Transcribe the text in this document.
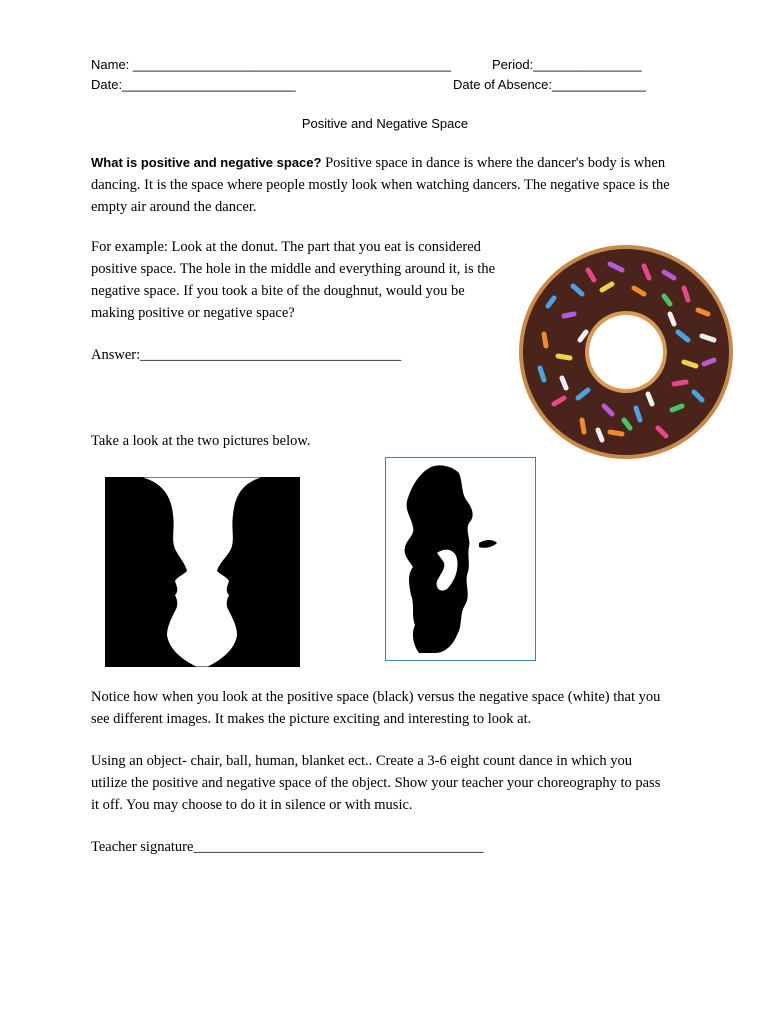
Name: ____________________________________________	Period:_______________
Date:________________________	Date of Absence:_____________
Positive and Negative Space
What is positive and negative space? Positive space in dance is where the dancer's body is when dancing. It is the space where people mostly look when watching dancers. The negative space is the empty air around the dancer.
For example: Look at the donut. The part that you eat is considered positive space. The hole in the middle and everything around it, is the negative space. If you took a bite of the doughnut, would you be making positive or negative space?
Answer:____________________________________
Take a look at the two pictures below.
Notice how when you look at the positive space (black) versus the negative space (white) that you see different images. It makes the picture exciting and interesting to look at.
Using an object- chair, ball, human, blanket ect.. Create a 3-6 eight count dance in which you utilize the positive and negative space of the object. Show your teacher your choreography to pass it off. You may choose to do it in silence or with music.
Teacher signature________________________________________
